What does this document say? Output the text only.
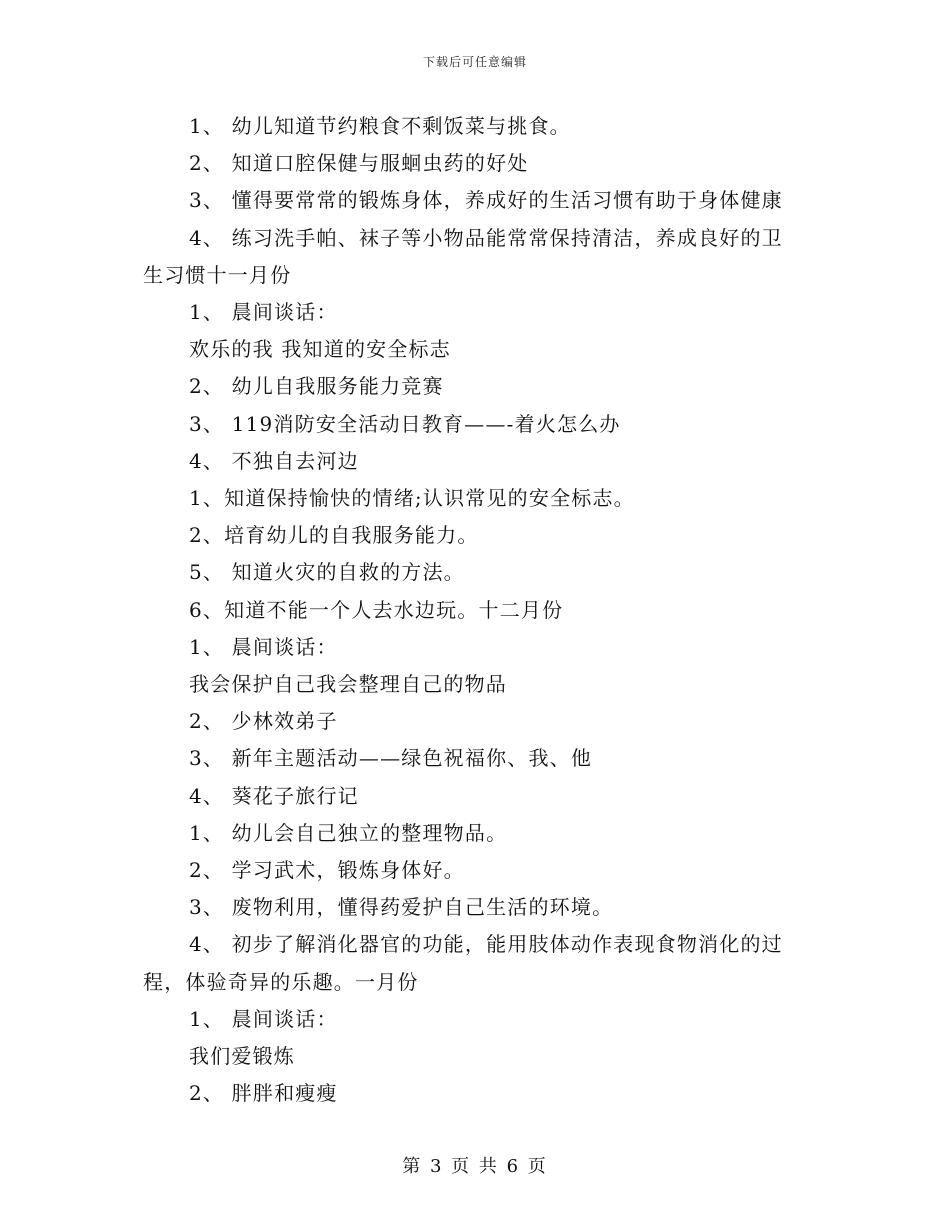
下载后可任意编辑

1、 幼儿知道节约粮食不剩饭菜与挑食。

2、 知道口腔保健与服蛔虫药的好处

3、 懂得要常常的锻炼身体，养成好的生活习惯有助于身体健康

4、 练习洗手帕、袜子等小物品能常常保持清洁，养成良好的卫生习惯十一月份

1、 晨间谈话：

欢乐的我 我知道的安全标志

2、 幼儿自我服务能力竞赛

3、 119消防安全活动日教育——-着火怎么办

4、 不独自去河边

1、知道保持愉快的情绪;认识常见的安全标志。

2、培育幼儿的自我服务能力。

5、 知道火灾的自救的方法。

6、知道不能一个人去水边玩。十二月份

1、 晨间谈话：

我会保护自己我会整理自己的物品

2、 少林效弟子

3、 新年主题活动——绿色祝福你、我、他

4、 葵花子旅行记

1、 幼儿会自己独立的整理物品。

2、 学习武术，锻炼身体好。

3、 废物利用，懂得药爱护自己生活的环境。

4、 初步了解消化器官的功能，能用肢体动作表现食物消化的过程，体验奇异的乐趣。一月份

1、 晨间谈话：

我们爱锻炼

2、 胖胖和瘦瘦

第 3 页 共 6 页
